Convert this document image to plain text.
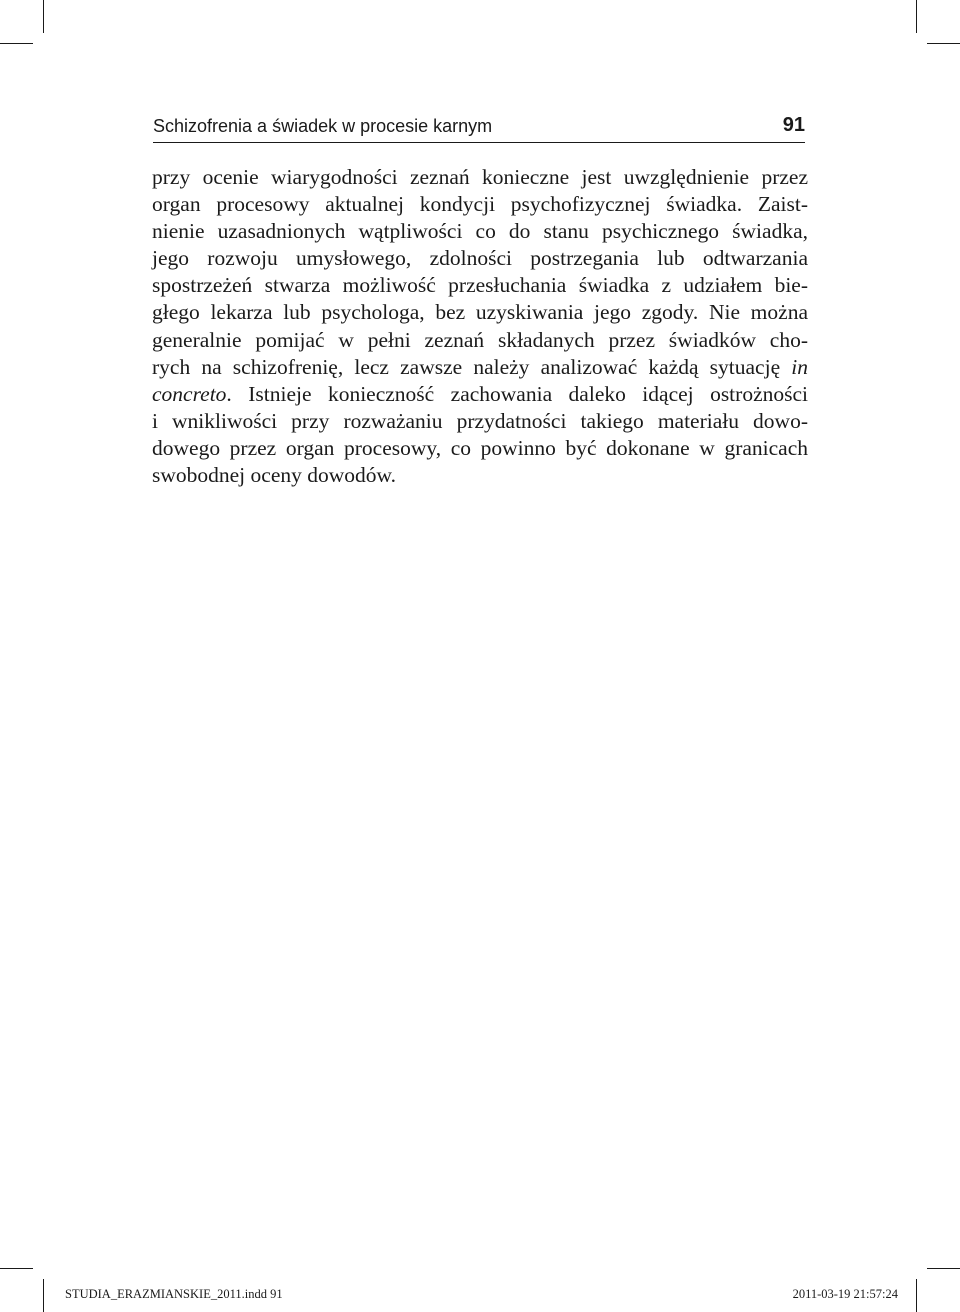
Schizofrenia a świadek w procesie karnym	91
przy ocenie wiarygodności zeznań konieczne jest uwzględnienie przez
organ procesowy aktualnej kondycji psychofizycznej świadka. Zaist-
nienie uzasadnionych wątpliwości co do stanu psychicznego świadka,
jego rozwoju umysłowego, zdolności postrzegania lub odtwarzania
spostrzeżeń stwarza możliwość przesłuchania świadka z udziałem bie-
głego lekarza lub psychologa, bez uzyskiwania jego zgody. Nie można
generalnie pomijać w pełni zeznań składanych przez świadków cho-
rych na schizofrenię, lecz zawsze należy analizować każdą sytuację in
concreto. Istnieje konieczność zachowania daleko idącej ostrożności
i wnikliwości przy rozważaniu przydatności takiego materiału dowo-
dowego przez organ procesowy, co powinno być dokonane w granicach
swobodnej oceny dowodów.
STUDIA_ERAZMIANSKIE_2011.indd 91	2011-03-19 21:57:24
